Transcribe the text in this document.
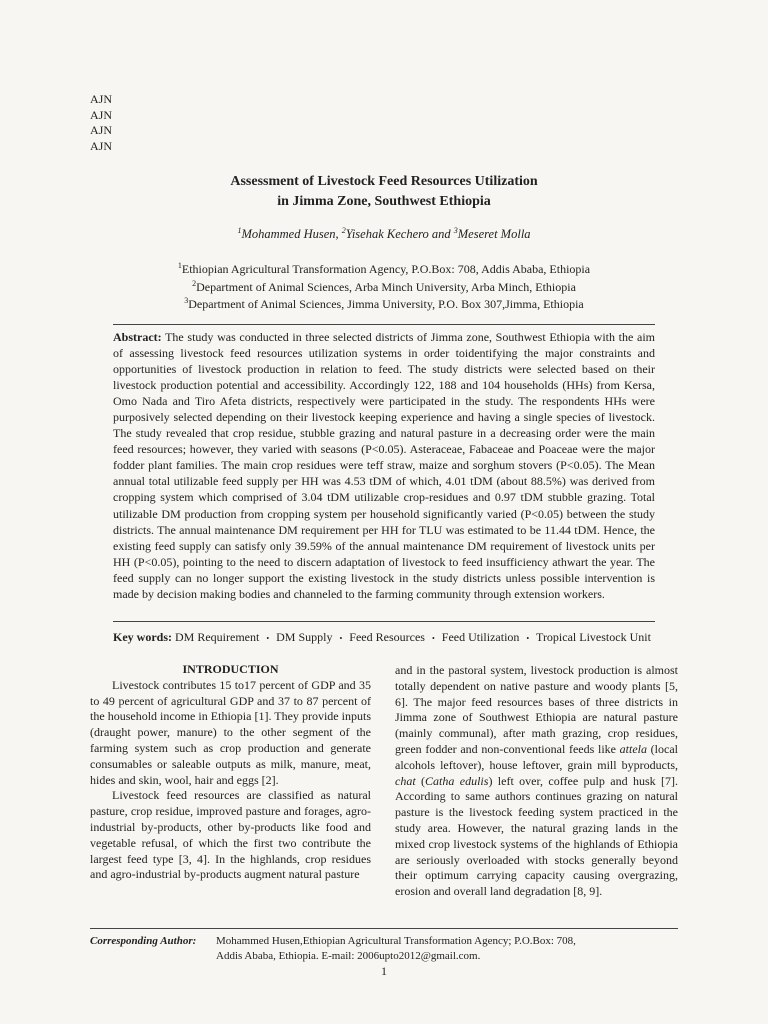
AJN
AJN
AJN
AJN
Assessment of Livestock Feed Resources Utilization
in Jimma Zone, Southwest Ethiopia
$^1$Mohammed Husen, $^2$Yisehak Kechero and $^3$Meseret Molla
$^1$Ethiopian Agricultural Transformation Agency, P.O.Box: 708, Addis Ababa, Ethiopia
$^2$Department of Animal Sciences, Arba Minch University, Arba Minch, Ethiopia
$^3$Department of Animal Sciences, Jimma University, P.O. Box 307,Jimma, Ethiopia
Abstract: The study was conducted in three selected districts of Jimma zone, Southwest Ethiopia with the aim of assessing livestock feed resources utilization systems in order toidentifying the major constraints and opportunities of livestock production in relation to feed. The study districts were selected based on their livestock production potential and accessibility. Accordingly 122, 188 and 104 households (HHs) from Kersa, Omo Nada and Tiro Afeta districts, respectively were participated in the study. The respondents HHs were purposively selected depending on their livestock keeping experience and having a single species of livestock. The study revealed that crop residue, stubble grazing and natural pasture in a decreasing order were the main feed resources; however, they varied with seasons (P<0.05). Asteraceae, Fabaceae and Poaceae were the major fodder plant families. The main crop residues were teff straw, maize and sorghum stovers (P<0.05). The Mean annual total utilizable feed supply per HH was 4.53 tDM of which, 4.01 tDM (about 88.5%) was derived from cropping system which comprised of 3.04 tDM utilizable crop-residues and 0.97 tDM stubble grazing. Total utilizable DM production from cropping system per household significantly varied (P<0.05) between the study districts. The annual maintenance DM requirement per HH for TLU was estimated to be 11.44 tDM. Hence, the existing feed supply can satisfy only 39.59% of the annual maintenance DM requirement of livestock units per HH (P<0.05), pointing to the need to discern adaptation of livestock to feed insufficiency athwart the year. The feed supply can no longer support the existing livestock in the study districts unless possible intervention is made by decision making bodies and channeled to the farming community through extension workers.
Key words: DM Requirement • DM Supply • Feed Resources • Feed Utilization • Tropical Livestock Unit

INTRODUCTION

Livestock contributes 15 to17 percent of GDP and 35 to 49 percent of agricultural GDP and 37 to 87 percent of the household income in Ethiopia [1]. They provide inputs (draught power, manure) to the other segment of the farming system such as crop production and generate consumables or saleable outputs as milk, manure, meat, hides and skin, wool, hair and eggs [2].

Livestock feed resources are classified as natural pasture, crop residue, improved pasture and forages, agro-industrial by-products, other by-products like food and vegetable refusal, of which the first two contribute the largest feed type [3, 4]. In the highlands, crop residues and agro-industrial by-products augment natural pasture

and in the pastoral system, livestock production is almost totally dependent on native pasture and woody plants [5, 6]. The major feed resources bases of three districts in Jimma zone of Southwest Ethiopia are natural pasture (mainly communal), after math grazing, crop residues, green fodder and non-conventional feeds like attela (local alcohols leftover), house leftover, grain mill byproducts, chat (Catha edulis) left over, coffee pulp and husk [7]. According to same authors continues grazing on natural pasture is the livestock feeding system practiced in the study area. However, the natural grazing lands in the mixed crop livestock systems of the highlands of Ethiopia are seriously overloaded with stocks generally beyond their optimum carrying capacity causing overgrazing, erosion and overall land degradation [8, 9].

Corresponding Author: Mohammed Husen,Ethiopian Agricultural Transformation Agency; P.O.Box: 708,
Addis Ababa, Ethiopia. E-mail: 2006upto2012@gmail.com.
1
